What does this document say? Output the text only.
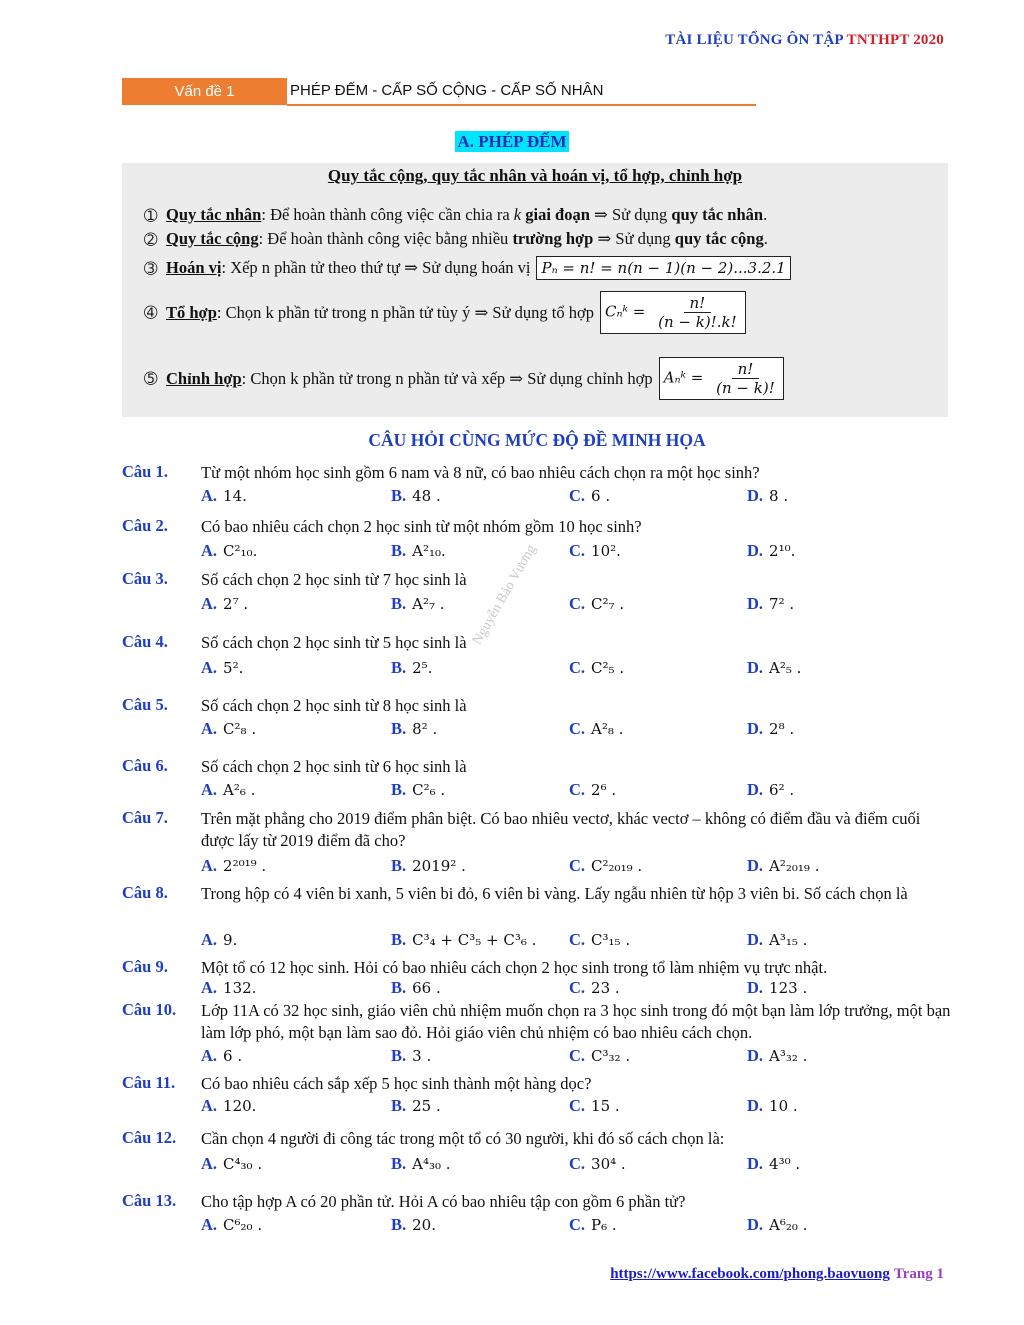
TÀI LIỆU TỔNG ÔN TẬP TNTHPT 2020
Vấn đề 1	PHÉP ĐẾM - CẤP SỐ CỘNG - CẤP SỐ NHÂN
A. PHÉP ĐẾM
Quy tắc cộng, quy tắc nhân và hoán vị, tổ hợp, chỉnh hợp
➀ Quy tắc nhân : Để hoàn thành công việc cần chia ra k giai đoạn ⇒ Sử dụng quy tắc nhân .
➁ Quy tắc cộng : Để hoàn thành công việc bằng nhiều trường hợp ⇒ Sử dụng quy tắc cộng .
➂ Hoán vị : Xếp n phần tử theo thứ tự ⇒ Sử dụng hoán vị Pₙ = n! = n(n − 1)(n − 2)...3.2.1
➃ Tổ hợp : Chọn k phần tử trong n phần tử tùy ý ⇒ Sử dụng tổ hợp Cₙᵏ = $\frac{n!}{(n - k)!.k!}$
➄ Chỉnh hợp : Chọn k phần tử trong n phần tử và xếp ⇒ Sử dụng chỉnh hợp Aₙᵏ = $\frac{n!}{(n - k)!}$
CÂU HỎI CÙNG MỨC ĐỘ ĐỀ MINH HỌA
Câu 1. Từ một nhóm học sinh gồm 6 nam và 8 nữ, có bao nhiêu cách chọn ra một học sinh?
A. 14.	B. 48 .	C. 6 .	D. 8 .
Câu 2. Có bao nhiêu cách chọn 2 học sinh từ một nhóm gồm 10 học sinh?
A. C²₁₀.	B. A²₁₀.	C. 10².	D. 2¹⁰.
Câu 3. Số cách chọn 2 học sinh từ 7 học sinh là
A. 2⁷ .	B. A²₇ .	C. C²₇ .	D. 7² .
Câu 4. Số cách chọn 2 học sinh từ 5 học sinh là
A. 5².	B. 2⁵.	C. C²₅ .	D. A²₅ .
Câu 5. Số cách chọn 2 học sinh từ 8 học sinh là
A. C²₈ .	B. 8² .	C. A²₈ .	D. 2⁸ .
Câu 6. Số cách chọn 2 học sinh từ 6 học sinh là
A. A²₆ .	B. C²₆ .	C. 2⁶ .	D. 6² .
Câu 7. Trên mặt phẳng cho 2019 điểm phân biệt. Có bao nhiêu vectơ, khác vectơ – không có điểm đầu và điểm cuối được lấy từ 2019 điểm đã cho?
A. 2²⁰¹⁹ .	B. 2019² .	C. C²₂₀₁₉ .	D. A²₂₀₁₉ .
Câu 8. Trong hộp có 4 viên bi xanh, 5 viên bi đỏ, 6 viên bi vàng. Lấy ngẫu nhiên từ hộp 3 viên bi. Số cách chọn là
A. 9.	B. C³₄ + C³₅ + C³₆ . C. C³₁₅ .	D. A³₁₅ .
Câu 9. Một tổ có 12 học sinh. Hỏi có bao nhiêu cách chọn 2 học sinh trong tổ làm nhiệm vụ trực nhật.
A. 132.	B. 66 .	C. 23 .	D. 123 .
Câu 10. Lớp 11A có 32 học sinh, giáo viên chủ nhiệm muốn chọn ra 3 học sinh trong đó một bạn làm lớp trưởng, một bạn làm lớp phó, một bạn làm sao đỏ. Hỏi giáo viên chủ nhiệm có bao nhiêu cách chọn.
A. 6 .	B. 3 .	C. C³₃₂ .	D. A³₃₂ .
Câu 11. Có bao nhiêu cách sắp xếp 5 học sinh thành một hàng dọc?
A. 120.	B. 25 .	C. 15 .	D. 10 .
Câu 12. Cần chọn 4 người đi công tác trong một tổ có 30 người, khi đó số cách chọn là:
A. C⁴₃₀ .	B. A⁴₃₀ .	C. 30⁴ .	D. 4³⁰ .
Câu 13. Cho tập hợp A có 20 phần tử. Hỏi A có bao nhiêu tập con gồm 6 phần tử?
A. C⁶₂₀ .	B. 20.	C. P₆ .	D. A⁶₂₀ .
Nguyễn Bảo Vương
https://www.facebook.com/phong.baovuong Trang 1
